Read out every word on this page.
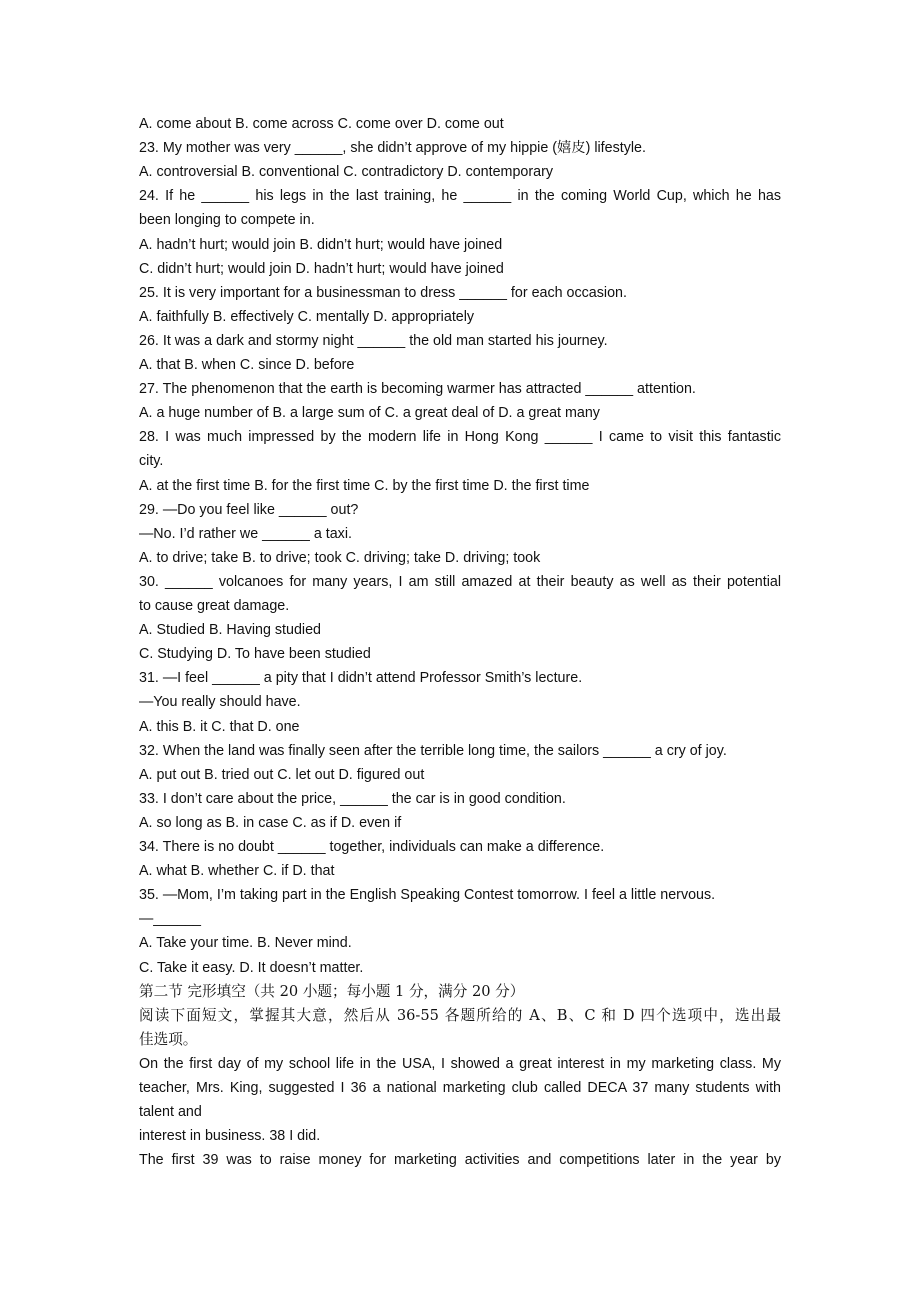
A. come about B. come across C. come over D. come out
23. My mother was very ______, she didn’t approve of my hippie (嬉皮) lifestyle.
A. controversial B. conventional C. contradictory D. contemporary
24. If he ______ his legs in the last training, he ______ in the coming World Cup, which he has
been longing to compete in.
A. hadn’t hurt; would join B. didn’t hurt; would have joined
C. didn’t hurt; would join D. hadn’t hurt; would have joined
25. It is very important for a businessman to dress ______ for each occasion.
A. faithfully B. effectively C. mentally D. appropriately
26. It was a dark and stormy night ______ the old man started his journey.
A. that B. when C. since D. before
27. The phenomenon that the earth is becoming warmer has attracted ______ attention.
A. a huge number of B. a large sum of C. a great deal of D. a great many
28. I was much impressed by the modern life in Hong Kong ______ I came to visit this fantastic
city.
A. at the first time B. for the first time C. by the first time D. the first time
29. —Do you feel like ______ out?
—No. I’d rather we ______ a taxi.
A. to drive; take B. to drive; took C. driving; take D. driving; took
30. ______ volcanoes for many years, I am still amazed at their beauty as well as their potential
to cause great damage.
A. Studied B. Having studied
C. Studying D. To have been studied
31. —I feel ______ a pity that I didn’t attend Professor Smith’s lecture.
—You really should have.
A. this B. it C. that D. one
32. When the land was finally seen after the terrible long time, the sailors ______ a cry of joy.
A. put out B. tried out C. let out D. figured out
33. I don’t care about the price, ______ the car is in good condition.
A. so long as B. in case C. as if D. even if
34. There is no doubt ______ together, individuals can make a difference.
A. what B. whether C. if D. that
35. —Mom, I’m taking part in the English Speaking Contest tomorrow. I feel a little nervous.
—______
A. Take your time. B. Never mind.
C. Take it easy. D. It doesn’t matter.
第二节 完形填空（共 20 小题；每小题 1 分，满分 20 分）
阅读下面短文，掌握其大意，然后从 36-55 各题所给的 A、B、C 和 D 四个选项中，选出最
佳选项。
On the first day of my school life in the USA, I showed a great interest in my marketing class. My
teacher, Mrs. King, suggested I 36 a national marketing club called DECA 37 many students with
talent and
interest in business. 38 I did.
The first 39 was to raise money for marketing activities and competitions later in the year by
